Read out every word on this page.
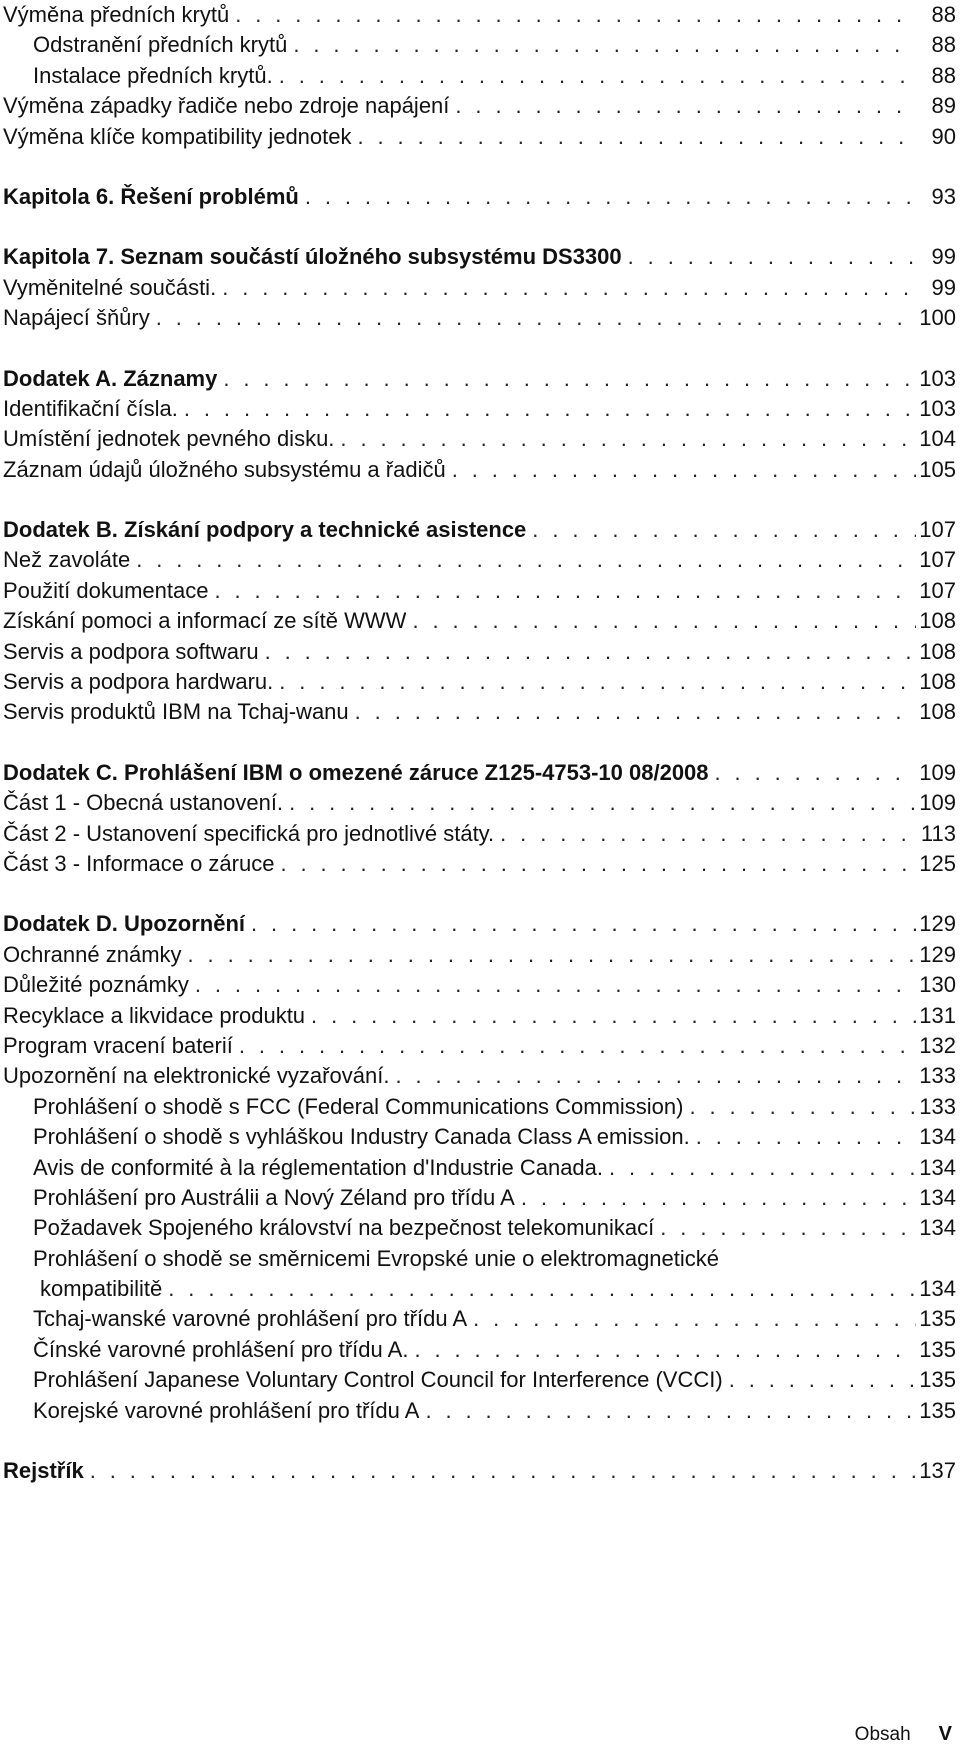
Výměna předních krytů . . .	88
Odstranění předních krytů . . .	88
Instalace předních krytů. . . .	88
Výměna západky řadiče nebo zdroje napájení . . .	89
Výměna klíče kompatibility jednotek . . .	90
Kapitola 6. Řešení problémů . . .	93
Kapitola 7. Seznam součástí úložného subsystému DS3300 . . .	99
Vyměnitelné součásti. . . .	99
Napájecí šňůry . . .	100
Dodatek A. Záznamy . . .	103
Identifikační čísla. . . .	103
Umístění jednotek pevného disku. . . .	104
Záznam údajů úložného subsystému a řadičů . . .	105
Dodatek B. Získání podpory a technické asistence . . .	107
Než zavoláte . . .	107
Použití dokumentace . . .	107
Získání pomoci a informací ze sítě WWW . . .	108
Servis a podpora softwaru . . .	108
Servis a podpora hardwaru. . . .	108
Servis produktů IBM na Tchaj-wanu . . .	108
Dodatek C. Prohlášení IBM o omezené záruce Z125-4753-10 08/2008 . . .	109
Část 1 - Obecná ustanovení. . . .	109
Část 2 - Ustanovení specifická pro jednotlivé státy. . . .	113
Část 3 - Informace o záruce . . .	125
Dodatek D. Upozornění . . .	129
Ochranné známky . . .	129
Důležité poznámky . . .	130
Recyklace a likvidace produktu . . .	131
Program vracení baterií . . .	132
Upozornění na elektronické vyzařování. . . .	133
Prohlášení o shodě s FCC (Federal Communications Commission) . . .	133
Prohlášení o shodě s vyhláškou Industry Canada Class A emission. . . .	134
Avis de conformité à la réglementation d'Industrie Canada. . . .	134
Prohlášení pro Austrálii a Nový Zéland pro třídu A . . .	134
Požadavek Spojeného království na bezpečnost telekomunikací . . .	134
Prohlášení o shodě se směrnicemi Evropské unie o elektromagnetické
kompatibilitě . . .	134
Tchaj-wanské varovné prohlášení pro třídu A . . .	135
Čínské varovné prohlášení pro třídu A. . . .	135
Prohlášení Japanese Voluntary Control Council for Interference (VCCI) . . .	135
Korejské varovné prohlášení pro třídu A . . .	135
Rejstřík . . .	137
Obsah V
